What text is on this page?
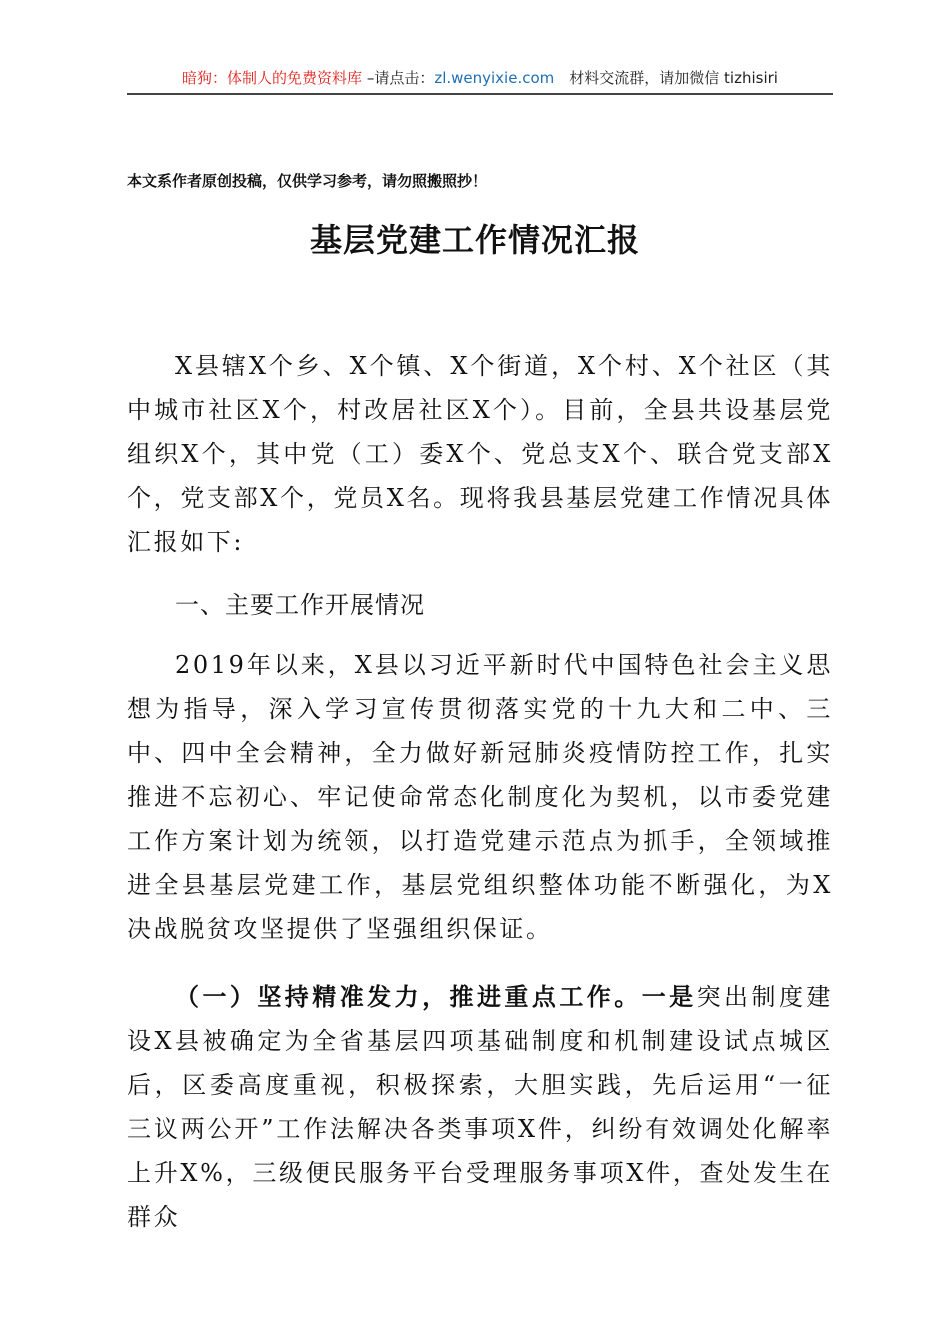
暗狗：体制人的免费资料库 –请点击：zl.wenyixie.com　材料交流群，请加微信 tizhisiri
本文系作者原创投稿，仅供学习参考，请勿照搬照抄！
基层党建工作情况汇报
X县辖X个乡、X个镇、X个街道，X个村、X个社区（其中城市社区X个，村改居社区X个）。目前，全县共设基层党组织X个，其中党（工）委X个、党总支X个、联合党支部X个，党支部X个，党员X名。现将我县基层党建工作情况具体汇报如下:
一、主要工作开展情况
2019年以来，X县以习近平新时代中国特色社会主义思想为指导，深入学习宣传贯彻落实党的十九大和二中、三中、四中全会精神，全力做好新冠肺炎疫情防控工作，扎实推进不忘初心、牢记使命常态化制度化为契机，以市委党建工作方案计划为统领，以打造党建示范点为抓手，全领域推进全县基层党建工作，基层党组织整体功能不断强化，为X决战脱贫攻坚提供了坚强组织保证。
（一）坚持精准发力，推进重点工作。一是突出制度建设X县被确定为全省基层四项基础制度和机制建设试点城区后，区委高度重视，积极探索，大胆实践，先后运用“一征三议两公开”工作法解决各类事项X件，纠纷有效调处化解率上升X%，三级便民服务平台受理服务事项X件，查处发生在群众
